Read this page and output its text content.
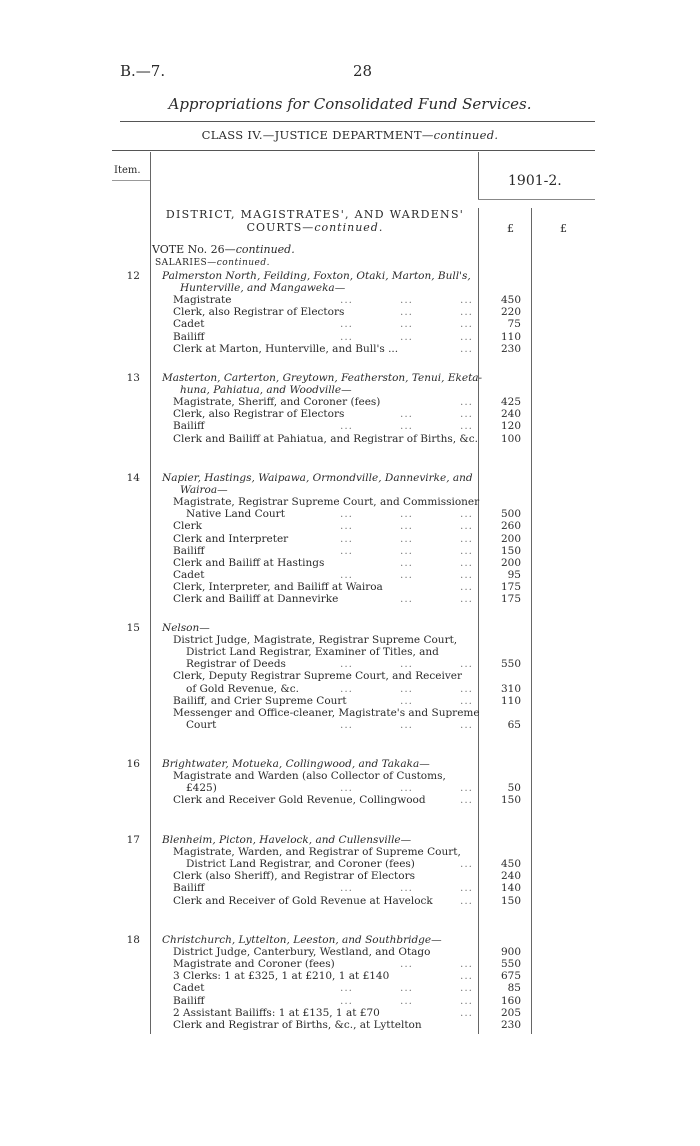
B.—7.	28
Appropriations for Consolidated Fund Services.
CLASS IV.—JUSTICE DEPARTMENT—continued.
Item.
1901-2.
£	£
DISTRICT, MAGISTRATES', AND WARDENS'
COURTS—continued.
VOTE No. 26—continued.
SALARIES—continued.
12 Palmerston North, Feilding, Foxton, Otaki, Marton, Bull's,
Hunterville, and Mangaweka—
Magistrate	...	...	...	450
Clerk, also Registrar of Electors	...	...	220
Cadet	...	...	...	75
Bailiff	...	...	...	110
Clerk at Marton, Hunterville, and Bull's ...	...	230
13 Masterton, Carterton, Greytown, Featherston, Tenui, Eketa-
huna, Pahiatua, and Woodville—
Magistrate, Sheriff, and Coroner (fees)	...	425
Clerk, also Registrar of Electors	...	...	240
Bailiff	...	...	...	120
Clerk and Bailiff at Pahiatua, and Registrar of Births, &c.	100
14 Napier, Hastings, Waipawa, Ormondville, Dannevirke, and
Wairoa—
Magistrate, Registrar Supreme Court, and Commissioner
Native Land Court	...	...	...	500
Clerk	...	...	...	260
Clerk and Interpreter	...	...	...	200
Bailiff	...	...	...	150
Clerk and Bailiff at Hastings	...	...	200
Cadet	...	...	...	95
Clerk, Interpreter, and Bailiff at Wairoa	...	175
Clerk and Bailiff at Dannevirke	...	...	175
15 Nelson—
District Judge, Magistrate, Registrar Supreme Court,
District Land Registrar, Examiner of Titles, and
Registrar of Deeds	...	...	...	550
Clerk, Deputy Registrar Supreme Court, and Receiver
of Gold Revenue, &c.	...	...	...	310
Bailiff, and Crier Supreme Court	...	...	110
Messenger and Office-cleaner, Magistrate's and Supreme
Court	...	...	...	65
16 Brightwater, Motueka, Collingwood, and Takaka—
Magistrate and Warden (also Collector of Customs,
£425)	...	...	...	50
Clerk and Receiver Gold Revenue, Collingwood	...	150
17 Blenheim, Picton, Havelock, and Cullensville—
Magistrate, Warden, and Registrar of Supreme Court,
District Land Registrar, and Coroner (fees)	...	450
Clerk (also Sheriff), and Registrar of Electors	240
Bailiff	...	...	...	140
Clerk and Receiver of Gold Revenue at Havelock	...	150
18 Christchurch, Lyttelton, Leeston, and Southbridge—
District Judge, Canterbury, Westland, and Otago	900
Magistrate and Coroner (fees)	...	...	550
3 Clerks: 1 at £325, 1 at £210, 1 at £140	...	675
Cadet	...	...	...	85
Bailiff	...	...	...	160
2 Assistant Bailiffs: 1 at £135, 1 at £70	...	205
Clerk and Registrar of Births, &c., at Lyttelton	230
